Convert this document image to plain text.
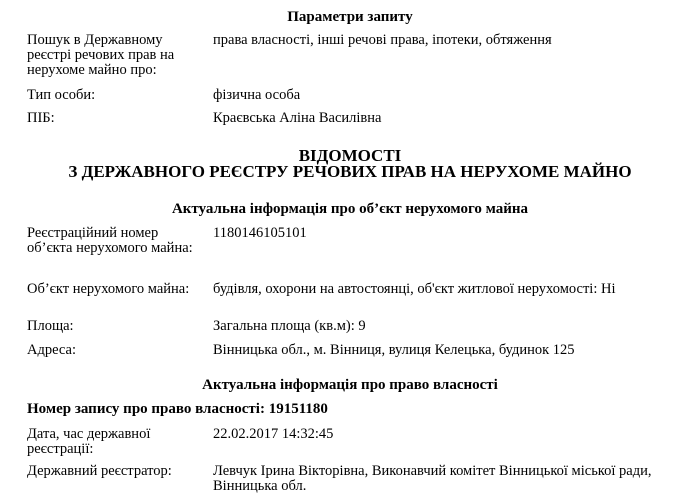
Параметри запиту
Пошук в Державному реєстрі речових прав на нерухоме майно про:
права власності, інші речові права, іпотеки, обтяження
Тип особи:	фізична особа
ПІБ:	Краєвська Аліна Василівна
ВІДОМОСТІ
З ДЕРЖАВНОГО РЕЄСТРУ РЕЧОВИХ ПРАВ НА НЕРУХОМЕ МАЙНО
Актуальна інформація про об’єкт нерухомого майна
Реєстраційний номер об’єкта нерухомого майна:
1180146105101
Об’єкт нерухомого майна:	будівля, охорони на автостоянці, об'єкт житлової нерухомості: Ні
Площа:	Загальна площа (кв.м): 9
Адреса:	Вінницька обл., м. Вінниця, вулиця Келецька, будинок 125
Актуальна інформація про право власності
Номер запису про право власності: 19151180
Дата, час державної реєстрації:
22.02.2017 14:32:45
Державний реєстратор:	Левчук Ірина Вікторівна, Виконавчий комітет Вінницької міської ради, Вінницька обл.
